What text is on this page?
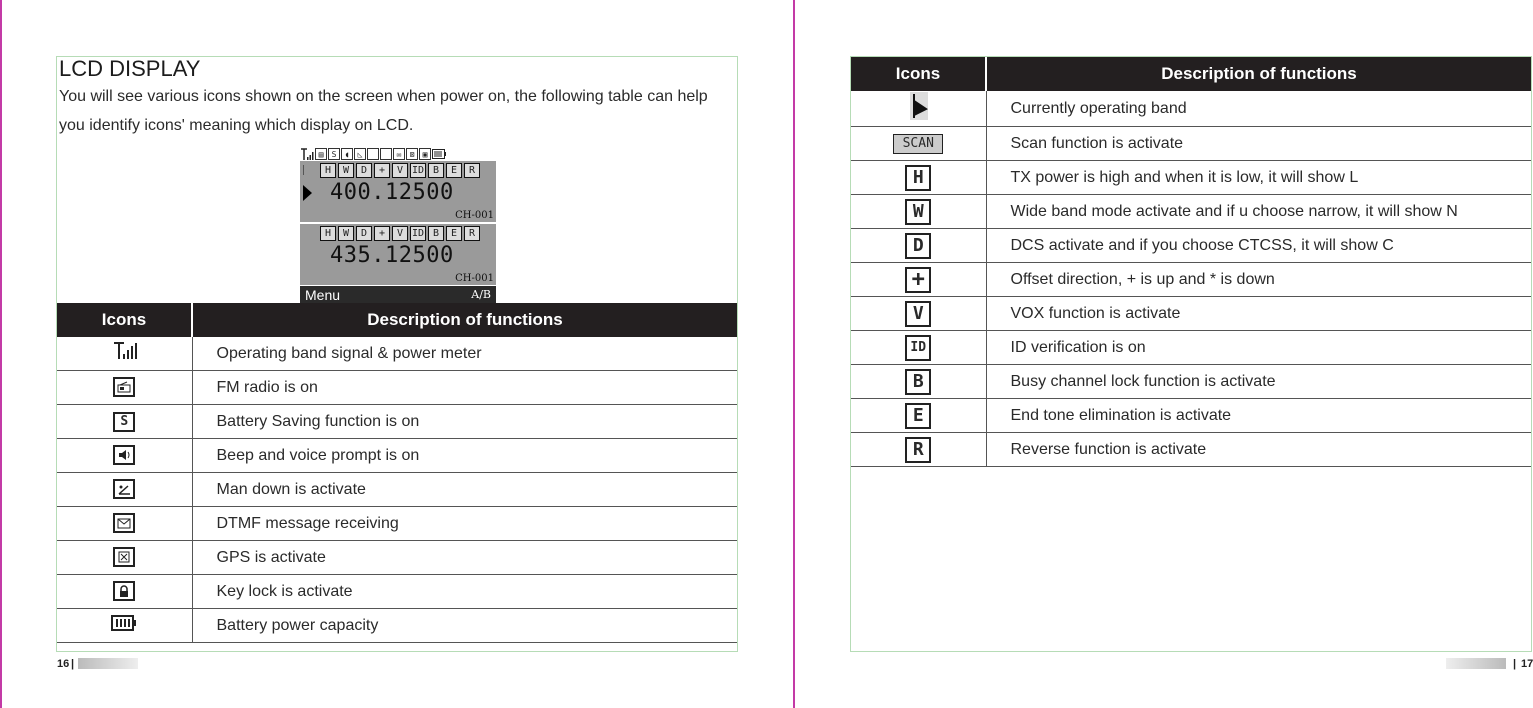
LCD DISPLAY
You will see various icons shown on the screen when power on, the following table can help you identify icons' meaning which display on LCD.
▤	S	◖	◺	✉	⊠	▣
H	W	D	+	V ID B	E	R
400.12500
CH-001
H	W	D	+	V ID B	E	R
435.12500
CH-001
Menu	A/B
Icons	Description of functions
	Operating band signal & power meter

	FM radio is on
S	Battery Saving function is on

	Beep and voice prompt is on

	Man down is activate

	DTMF message receiving

	GPS is activate

	Key lock is activate
	Battery power capacity
16 |
Icons	Description of functions
	Currently operating band
SCAN	Scan function is activate
H	TX power is high and when it is low, it will show L
W	Wide band mode activate and if u choose narrow, it will show N
D	DCS activate and if you choose CTCSS, it will show C
+	Offset direction, + is up and * is down
V	VOX function is activate
ID	ID verification is on
B	Busy channel lock function is activate
E	End tone elimination is activate
R	Reverse function is activate
| 17
